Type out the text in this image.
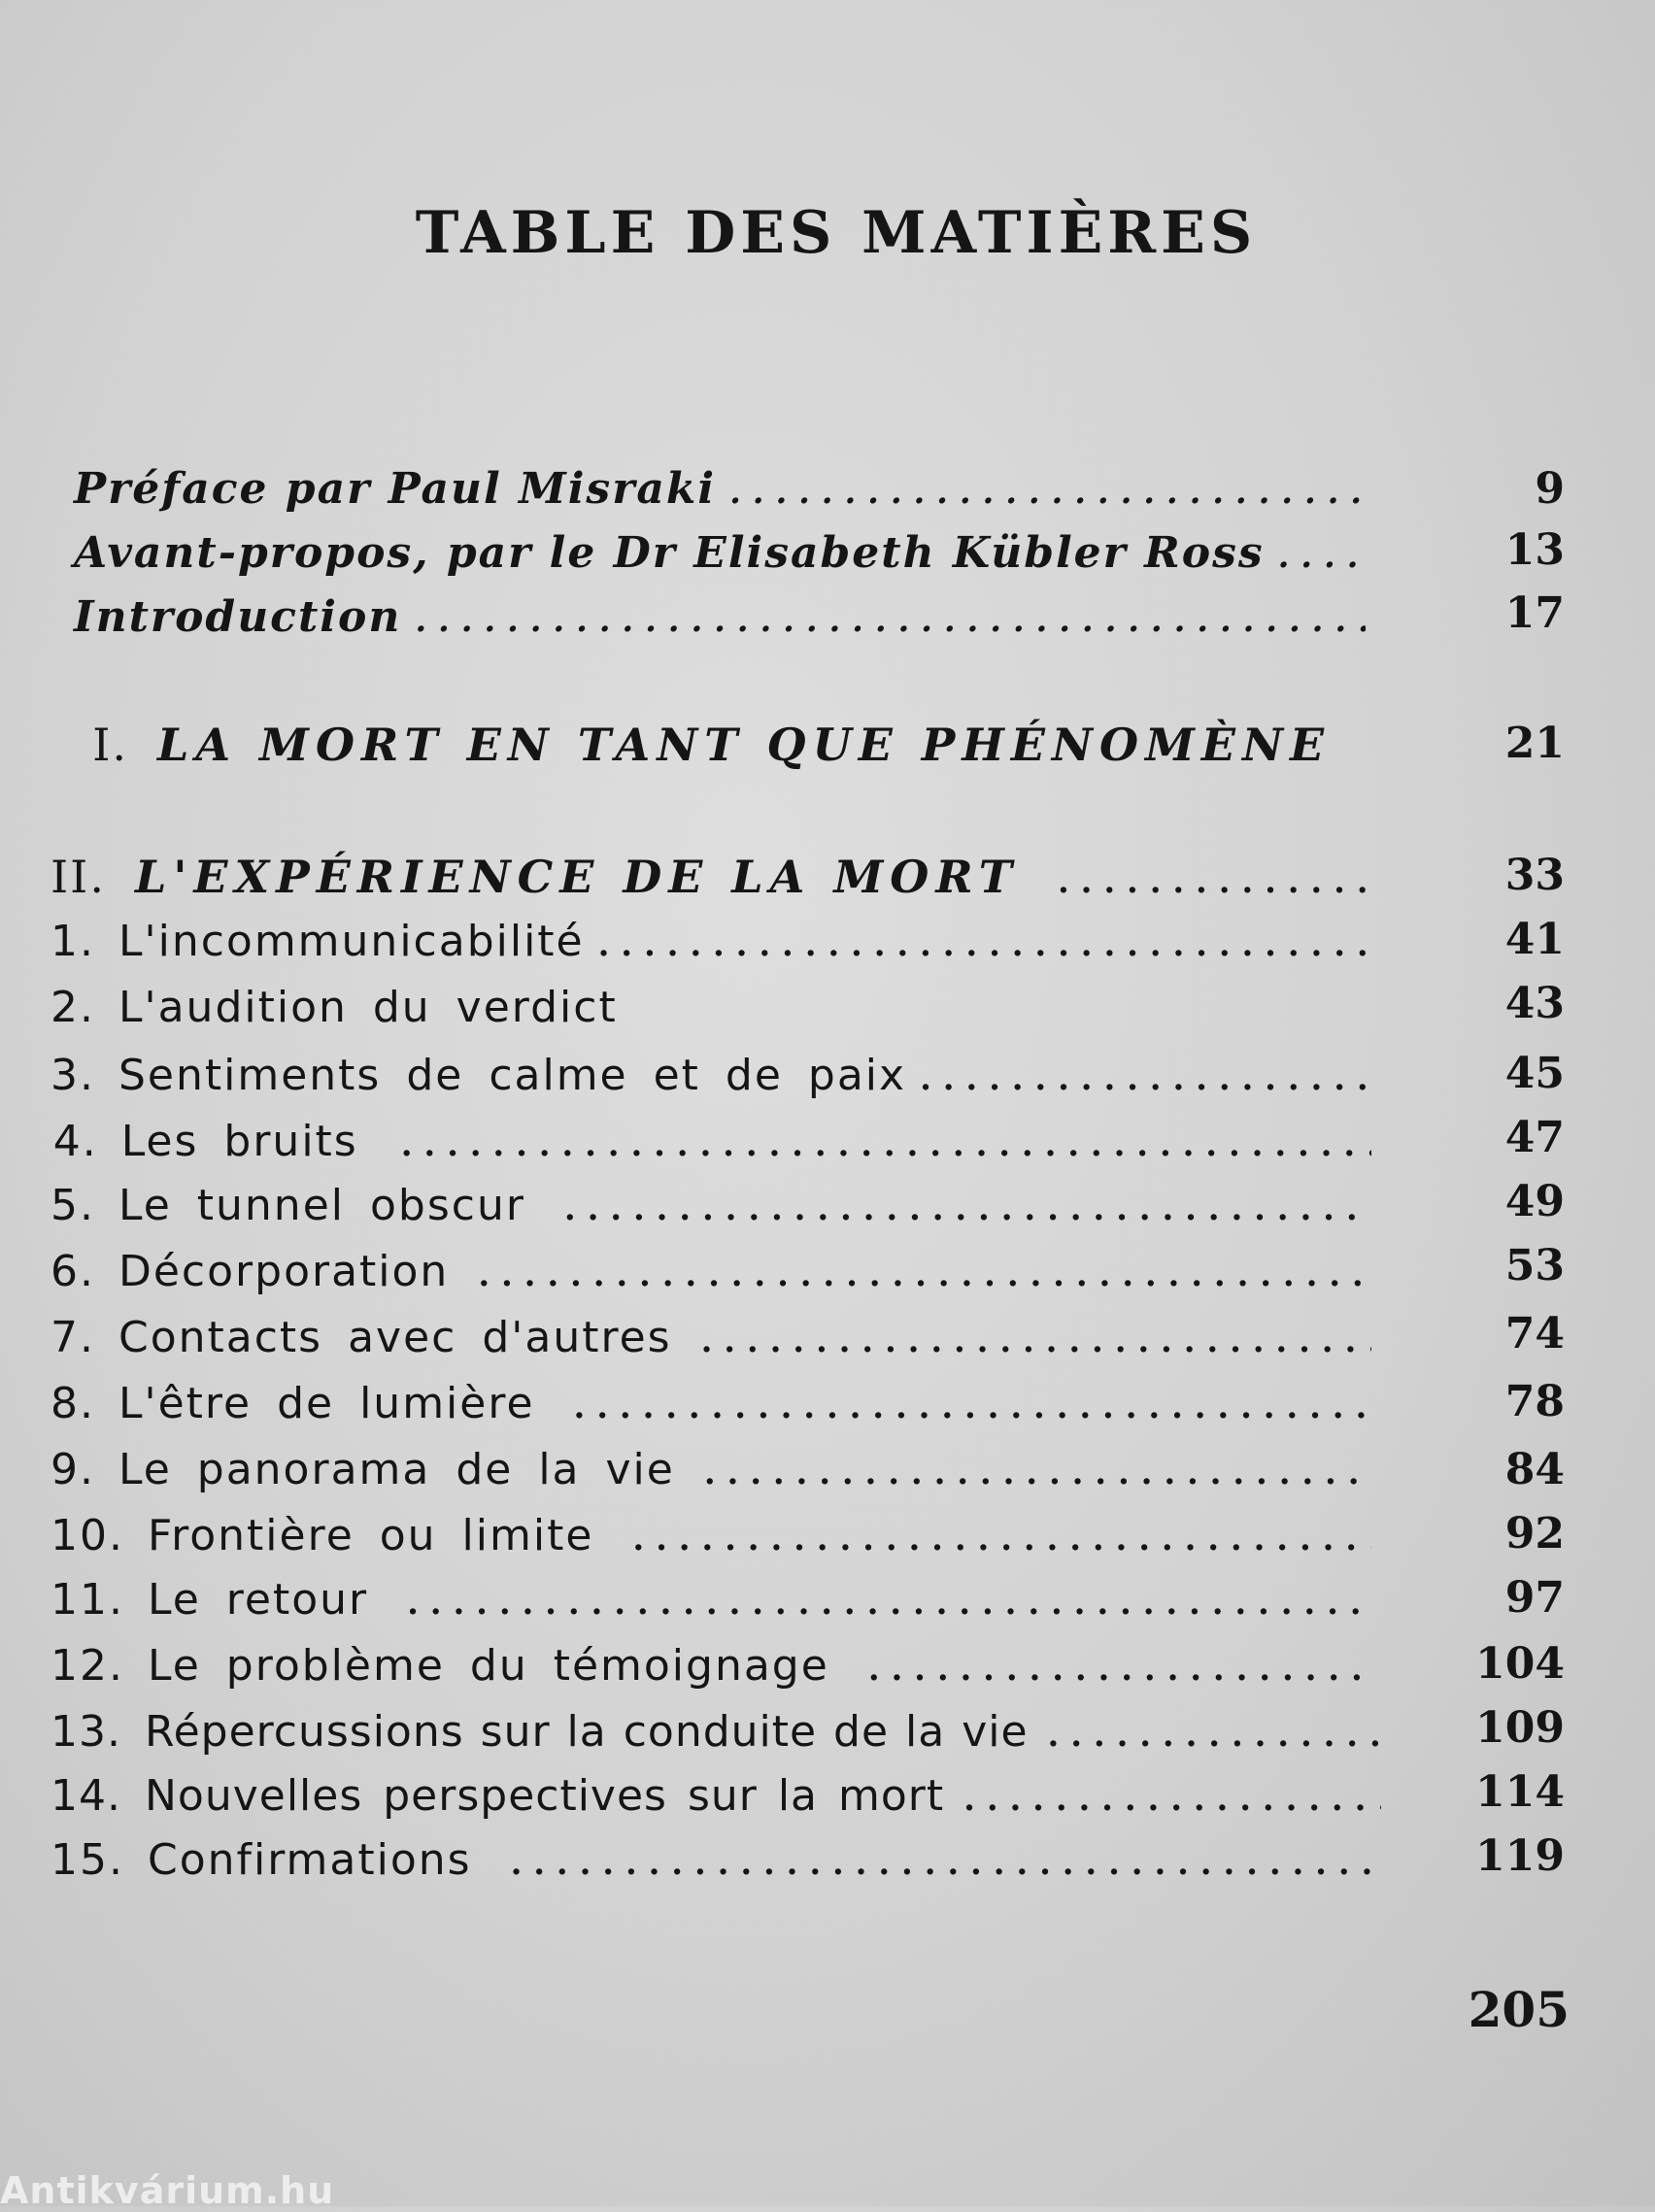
TABLE DES MATIÈRES
Préface par Paul Misraki . . .	9
Avant-propos, par le Dr Elisabeth Kübler Ross . . .	13
Introduction . . .	17
I. LA MORT EN TANT QUE PHÉNOMÈNE	21
II. L'EXPÉRIENCE DE LA MORT . . .	33
1. L'incommunicabilité . . .	41
2. L'audition du verdict	43
3. Sentiments de calme et de paix . . .	45
4. Les bruits . . .	47
5. Le tunnel obscur . . .	49
6. Décorporation . . .	53
7. Contacts avec d'autres . . .	74
8. L'être de lumière . . .	78
9. Le panorama de la vie . . .	84
10. Frontière ou limite . . .	92
11. Le retour . . .	97
12. Le problème du témoignage . . .	104
13. Répercussions sur la conduite de la vie . . .	109
14. Nouvelles perspectives sur la mort . . .	114
15. Confirmations . . .	119
205
Antikvárium.hu
